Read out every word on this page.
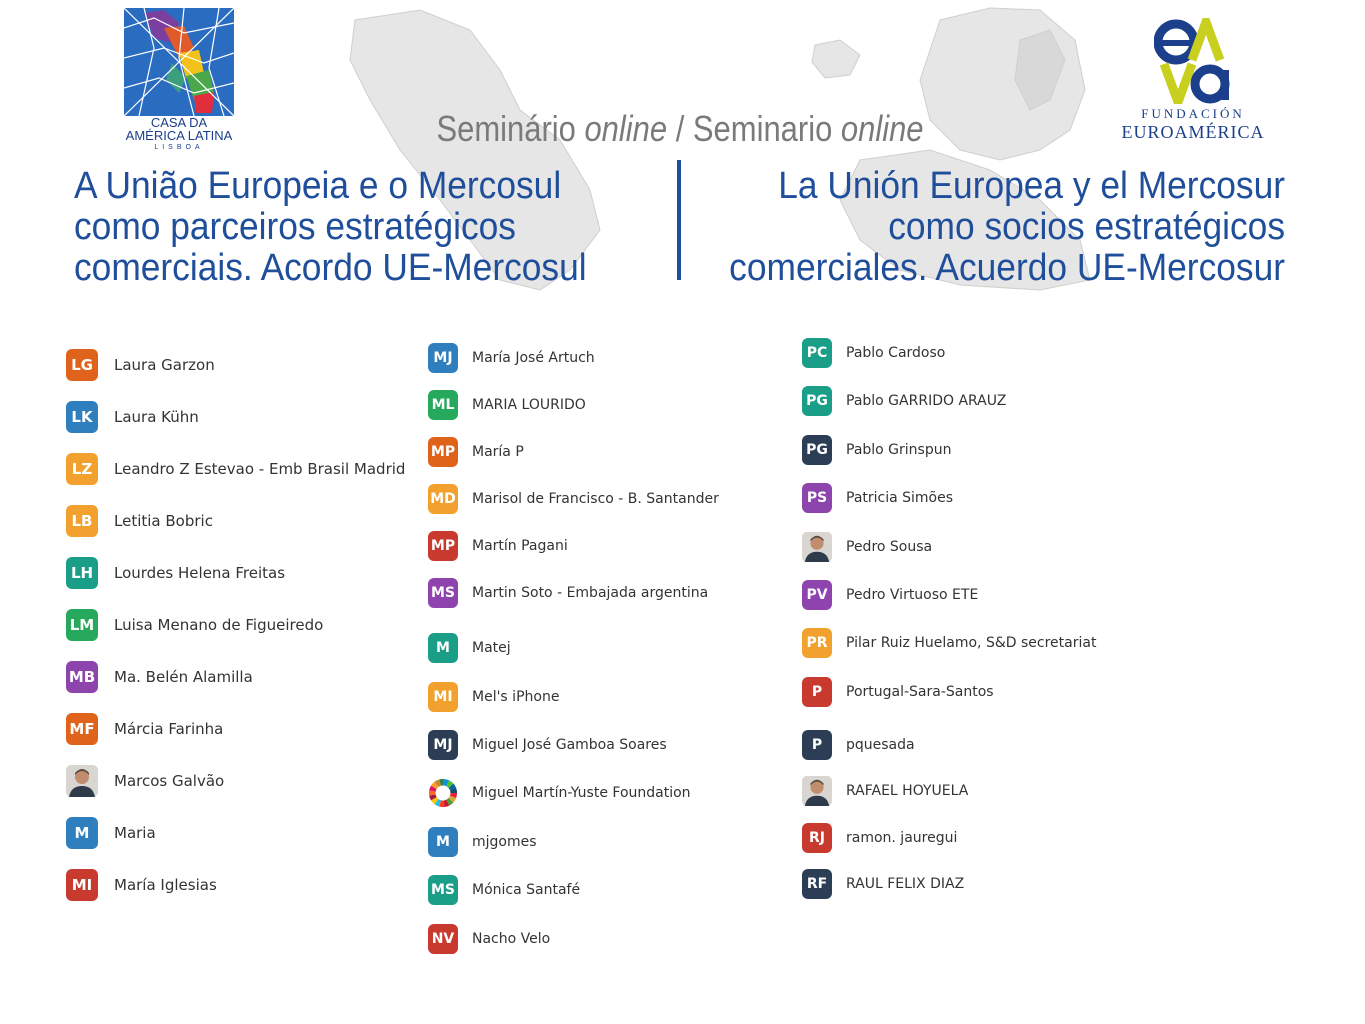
CASA DA
AMÉRICA LATINA
LISBOA
FUNDACIÓN
EUROAMÉRICA
Seminário online / Seminario online
A União Europeia e o Mercosul
como parceiros estratégicos
comerciais. Acordo UE-Mercosul
La Unión Europea y el Mercosur
como socios estratégicos
comerciales. Acuerdo UE-Mercosur
LG	Laura Garzon
LK	Laura Kühn
LZ	Leandro Z Estevao - Emb Brasil Madrid
LB	Letitia Bobric
LH	Lourdes Helena Freitas
LM Luisa Menano de Figueiredo
MB Ma. Belén Alamilla
MF Márcia Farinha
Marcos Galvão
M	Maria
MI	María Iglesias
MJ	María José Artuch
ML MARIA LOURIDO
MP María P
MD Marisol de Francisco - B. Santander
MP Martín Pagani
MS Martin Soto - Embajada argentina
M	Matej
MI	Mel's iPhone
MJ	Miguel José Gamboa Soares
Miguel Martín-Yuste Foundation
M	mjgomes
MS Mónica Santafé
NV Nacho Velo
PC	Pablo Cardoso
PG Pablo GARRIDO ARAUZ
PG Pablo Grinspun
PS	Patricia Simões
Pedro Sousa
PV	Pedro Virtuoso ETE
PR	Pilar Ruiz Huelamo, S&D secretariat
P	Portugal-Sara-Santos
P	pquesada
RAFAEL HOYUELA
RJ	ramon. jauregui
RF	RAUL FELIX DIAZ
